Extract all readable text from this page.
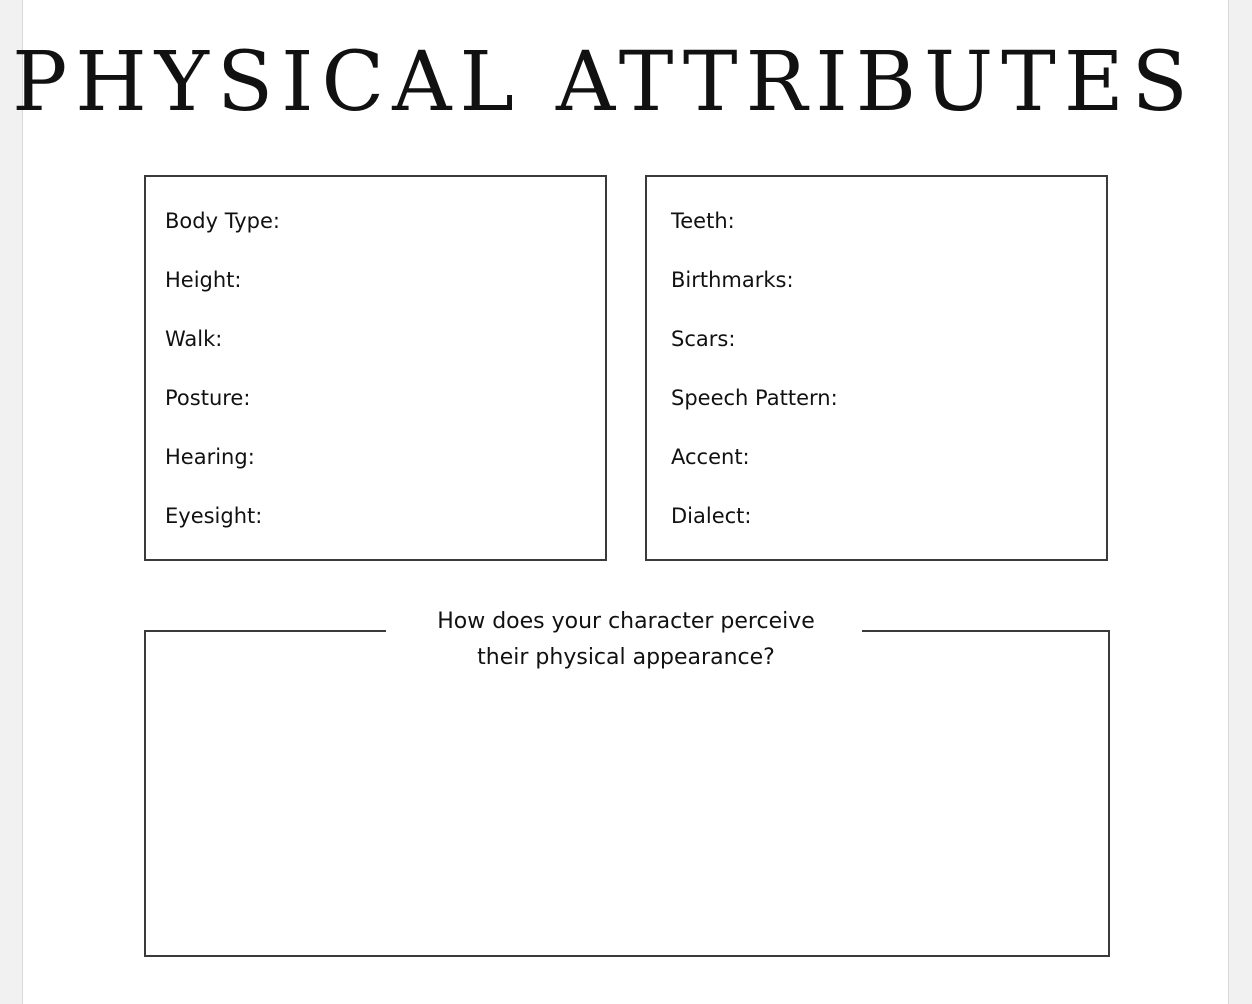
PHYSICAL ATTRIBUTES
Body Type:
Height:
Walk:
Posture:
Hearing:
Eyesight:
Teeth:
Birthmarks:
Scars:
Speech Pattern:
Accent:
Dialect:
How does your character perceive
their physical appearance?
